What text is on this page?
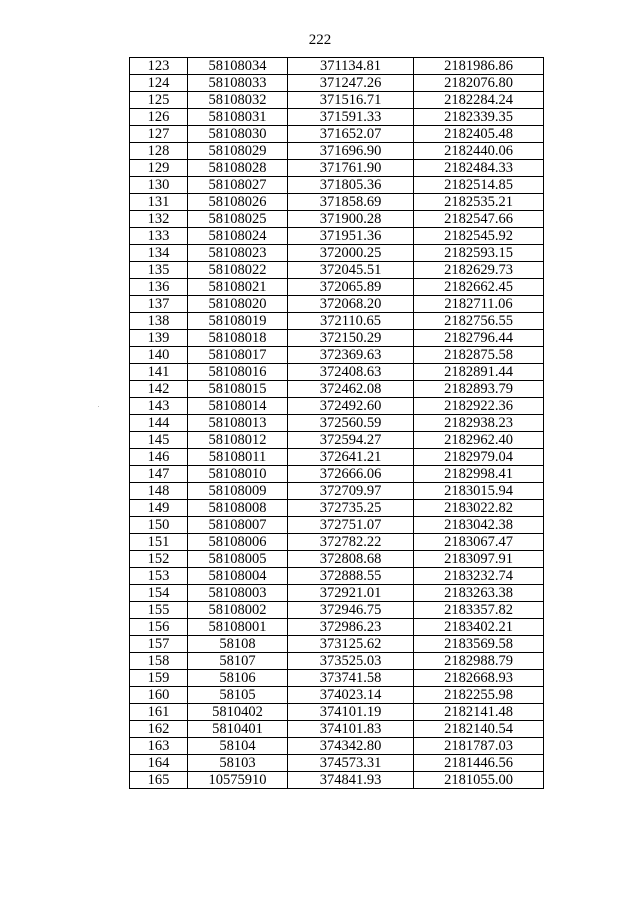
222
123	58108034	371134.81	2181986.86
124	58108033	371247.26	2182076.80
125	58108032	371516.71	2182284.24
126	58108031	371591.33	2182339.35
127	58108030	371652.07	2182405.48
128	58108029	371696.90	2182440.06
129	58108028	371761.90	2182484.33
130	58108027	371805.36	2182514.85
131	58108026	371858.69	2182535.21
132	58108025	371900.28	2182547.66
133	58108024	371951.36	2182545.92
134	58108023	372000.25	2182593.15
135	58108022	372045.51	2182629.73
136	58108021	372065.89	2182662.45
137	58108020	372068.20	2182711.06
138	58108019	372110.65	2182756.55
139	58108018	372150.29	2182796.44
140	58108017	372369.63	2182875.58
141	58108016	372408.63	2182891.44
142	58108015	372462.08	2182893.79
143	58108014	372492.60	2182922.36
144	58108013	372560.59	2182938.23
145	58108012	372594.27	2182962.40
146	58108011	372641.21	2182979.04
147	58108010	372666.06	2182998.41
148	58108009	372709.97	2183015.94
149	58108008	372735.25	2183022.82
150	58108007	372751.07	2183042.38
151	58108006	372782.22	2183067.47
152	58108005	372808.68	2183097.91
153	58108004	372888.55	2183232.74
154	58108003	372921.01	2183263.38
155	58108002	372946.75	2183357.82
156	58108001	372986.23	2183402.21
157	58108	373125.62	2183569.58
158	58107	373525.03	2182988.79
159	58106	373741.58	2182668.93
160	58105	374023.14	2182255.98
161	5810402	374101.19	2182141.48
162	5810401	374101.83	2182140.54
163	58104	374342.80	2181787.03
164	58103	374573.31	2181446.56
165	10575910	374841.93	2181055.00
